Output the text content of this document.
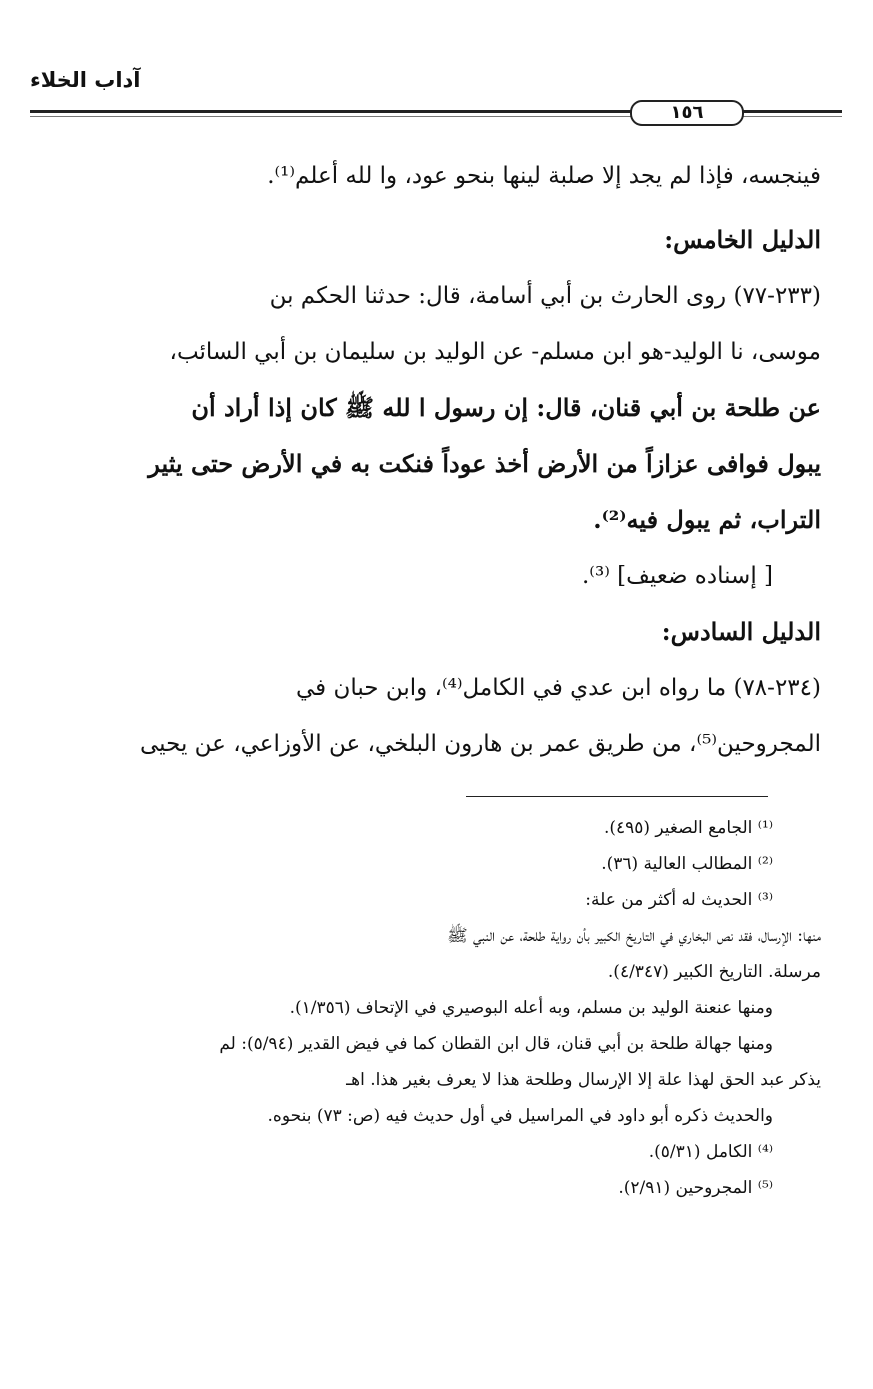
آداب الخلاء
١٥٦
فينجسه، فإذا لم يجد إلا صلبة لينها بنحو عود، وا لله أعلم⁽¹⁾.
الدليل الخامس:
(٢٣٣-٧٧) روى الحارث بن أبي أسامة، قال: حدثنا الحكم بن
موسى، نا الوليد-هو ابن مسلم- عن الوليد بن سليمان بن أبي السائب،
عن طلحة بن أبي قنان، قال: إن رسول ا لله ﷺ كان إذا أراد أن
يبول فوافى عزازاً من الأرض أخذ عوداً فنكت به في الأرض حتى يثير
التراب، ثم يبول فيه⁽²⁾.
[ إسناده ضعيف] ⁽³⁾.
الدليل السادس:
(٢٣٤-٧٨) ما رواه ابن عدي في الكامل⁽⁴⁾، وابن حبان في
المجروحين⁽⁵⁾، من طريق عمر بن هارون البلخي، عن الأوزاعي، عن يحيى
⁽¹⁾ الجامع الصغير (٤٩٥).
⁽²⁾ المطالب العالية (٣٦).
⁽³⁾ الحديث له أكثر من علة:
منها: الإرسال، فقد نص البخاري في التاريخ الكبير بأن رواية طلحة، عن النبي ﷺ
مرسلة. التاريخ الكبير (٤/٣٤٧).
ومنها عنعنة الوليد بن مسلم، وبه أعله البوصيري في الإتحاف (١/٣٥٦).
ومنها جهالة طلحة بن أبي قنان، قال ابن القطان كما في فيض القدير (٥/٩٤): لم
يذكر عبد الحق لهذا علة إلا الإرسال وطلحة هذا لا يعرف بغير هذا. اهـ
والحديث ذكره أبو داود في المراسيل في أول حديث فيه (ص: ٧٣) بنحوه.
⁽⁴⁾ الكامل (٥/٣١).
⁽⁵⁾ المجروحين (٢/٩١).
